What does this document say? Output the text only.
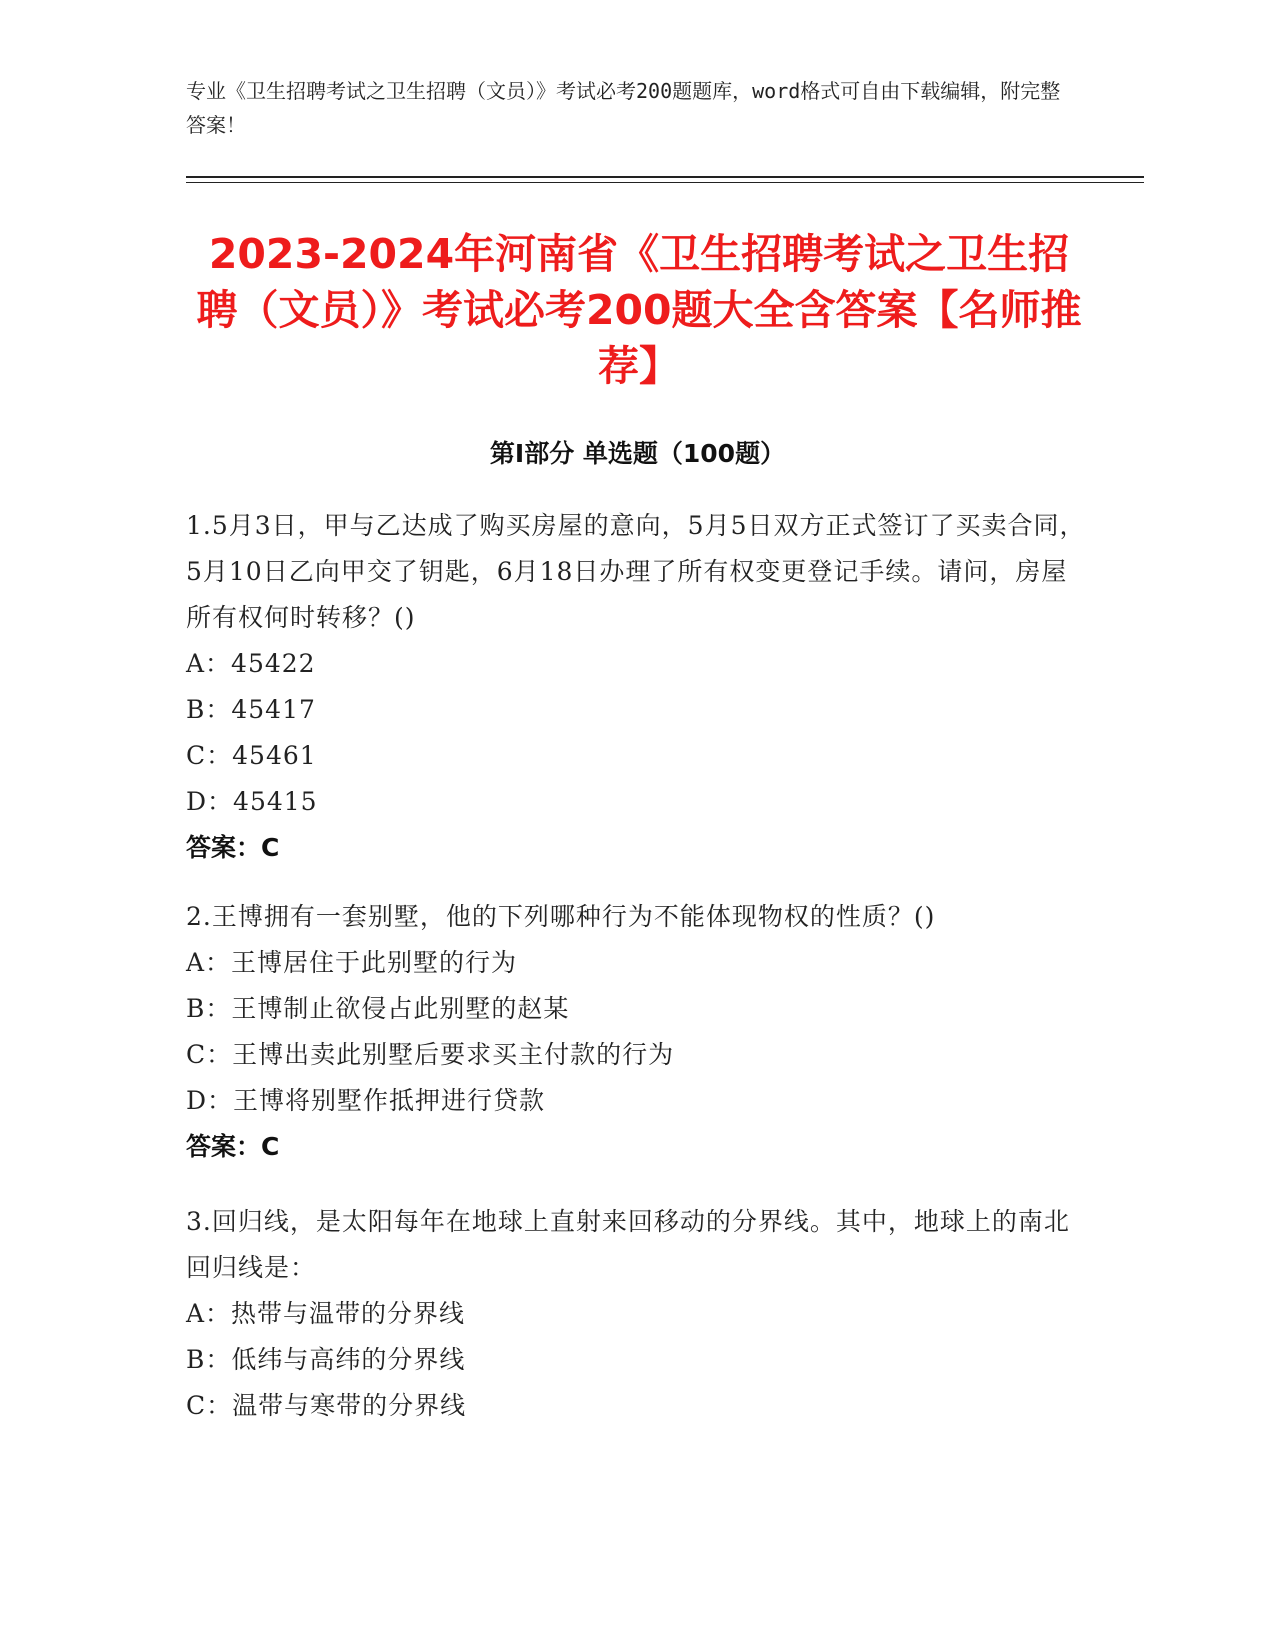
专业《卫生招聘考试之卫生招聘（文员）》考试必考200题题库，word格式可自由下载编辑，附完整答案！
2023-2024年河南省《卫生招聘考试之卫生招聘（文员）》考试必考200题大全含答案【名师推荐】
第I部分 单选题（100题）
1.5月3日，甲与乙达成了购买房屋的意向，5月5日双方正式签订了买卖合同，5月10日乙向甲交了钥匙，6月18日办理了所有权变更登记手续。请问，房屋所有权何时转移？()
A：45422
B：45417
C：45461
D：45415
答案：C
2.王博拥有一套别墅，他的下列哪种行为不能体现物权的性质？()
A：王博居住于此别墅的行为
B：王博制止欲侵占此别墅的赵某
C：王博出卖此别墅后要求买主付款的行为
D：王博将别墅作抵押进行贷款
答案：C
3.回归线，是太阳每年在地球上直射来回移动的分界线。其中，地球上的南北回归线是：
A：热带与温带的分界线
B：低纬与高纬的分界线
C：温带与寒带的分界线
